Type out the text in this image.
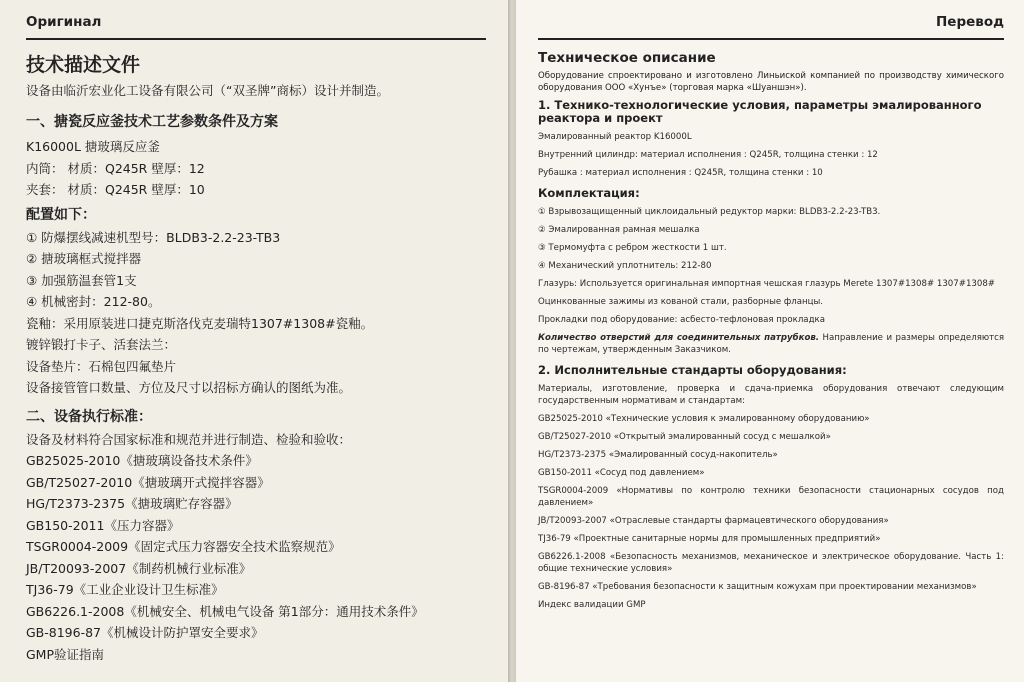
Оригинал
技术描述文件
设备由临沂宏业化工设备有限公司（“双圣牌”商标）设计并制造。
一、搪瓷反应釜技术工艺参数条件及方案
K16000L 搪玻璃反应釜
内筒： 材质：Q245R 壁厚：12
夹套： 材质：Q245R 壁厚：10
配置如下：
① 防爆摆线减速机型号：BLDB3-2.2-23-TB3
② 搪玻璃框式搅拌器
③ 加强筋温套管1支
④ 机械密封：212-80。
瓷釉：采用原装进口捷克斯洛伐克麦瑞特1307#1308#瓷釉。
镀锌锻打卡子、活套法兰：
设备垫片：石棉包四氟垫片
设备接管管口数量、方位及尺寸以招标方确认的图纸为准。
二、设备执行标准：
设备及材料符合国家标准和规范并进行制造、检验和验收：
GB25025-2010《搪玻璃设备技术条件》
GB/T25027-2010《搪玻璃开式搅拌容器》
HG/T2373-2375《搪玻璃贮存容器》
GB150-2011《压力容器》
TSGR0004-2009《固定式压力容器安全技术监察规范》
JB/T20093-2007《制药机械行业标准》
TJ36-79《工业企业设计卫生标准》
GB6226.1-2008《机械安全、机械电气设备 第1部分：通用技术条件》
GB-8196-87《机械设计防护罩安全要求》
GMP验证指南
Перевод
Техническое описание
Оборудование спроектировано и изготовлено Линьиской компанией по производству химического оборудования ООО «Хунъе» (торговая марка «Шуаншэн»).
1. Технико-технологические условия, параметры эмалированного реактора и проект
Эмалированный реактор K16000L
Внутренний цилиндр: материал исполнения : Q245R, толщина стенки : 12
Рубашка : материал исполнения : Q245R, толщина стенки : 10
Комплектация:
① Взрывозащищенный циклоидальный редуктор марки: BLDB3-2.2-23-TB3.
② Эмалированная рамная мешалка
③ Термомуфта с ребром жесткости 1 шт.
④ Механический уплотнитель: 212-80
Глазурь: Используется оригинальная импортная чешская глазурь Merete 1307#1308# 1307#1308#
Оцинкованные зажимы из кованой стали, разборные фланцы.
Прокладки под оборудование: асбесто-тефлоновая прокладка
Количество отверстий для соединительных патрубков. Направление и размеры определяются по чертежам, утвержденным Заказчиком.
2. Исполнительные стандарты оборудования:
Материалы, изготовление, проверка и сдача-приемка оборудования отвечают следующим государственным нормативам и стандартам:
GB25025-2010 «Технические условия к эмалированному оборудованию»
GB/T25027-2010 «Открытый эмалированный сосуд с мешалкой»
HG/T2373-2375 «Эмалированный сосуд-накопитель»
GB150-2011 «Сосуд под давлением»
TSGR0004-2009 «Нормативы по контролю техники безопасности стационарных сосудов под давлением»
JB/T20093-2007 «Отраслевые стандарты фармацевтического оборудования»
TJ36-79 «Проектные санитарные нормы для промышленных предприятий»
GB6226.1-2008 «Безопасность механизмов, механическое и электрическое оборудование. Часть 1: общие технические условия»
GB-8196-87 «Требования безопасности к защитным кожухам при проектировании механизмов»
Индекс валидации GMP
